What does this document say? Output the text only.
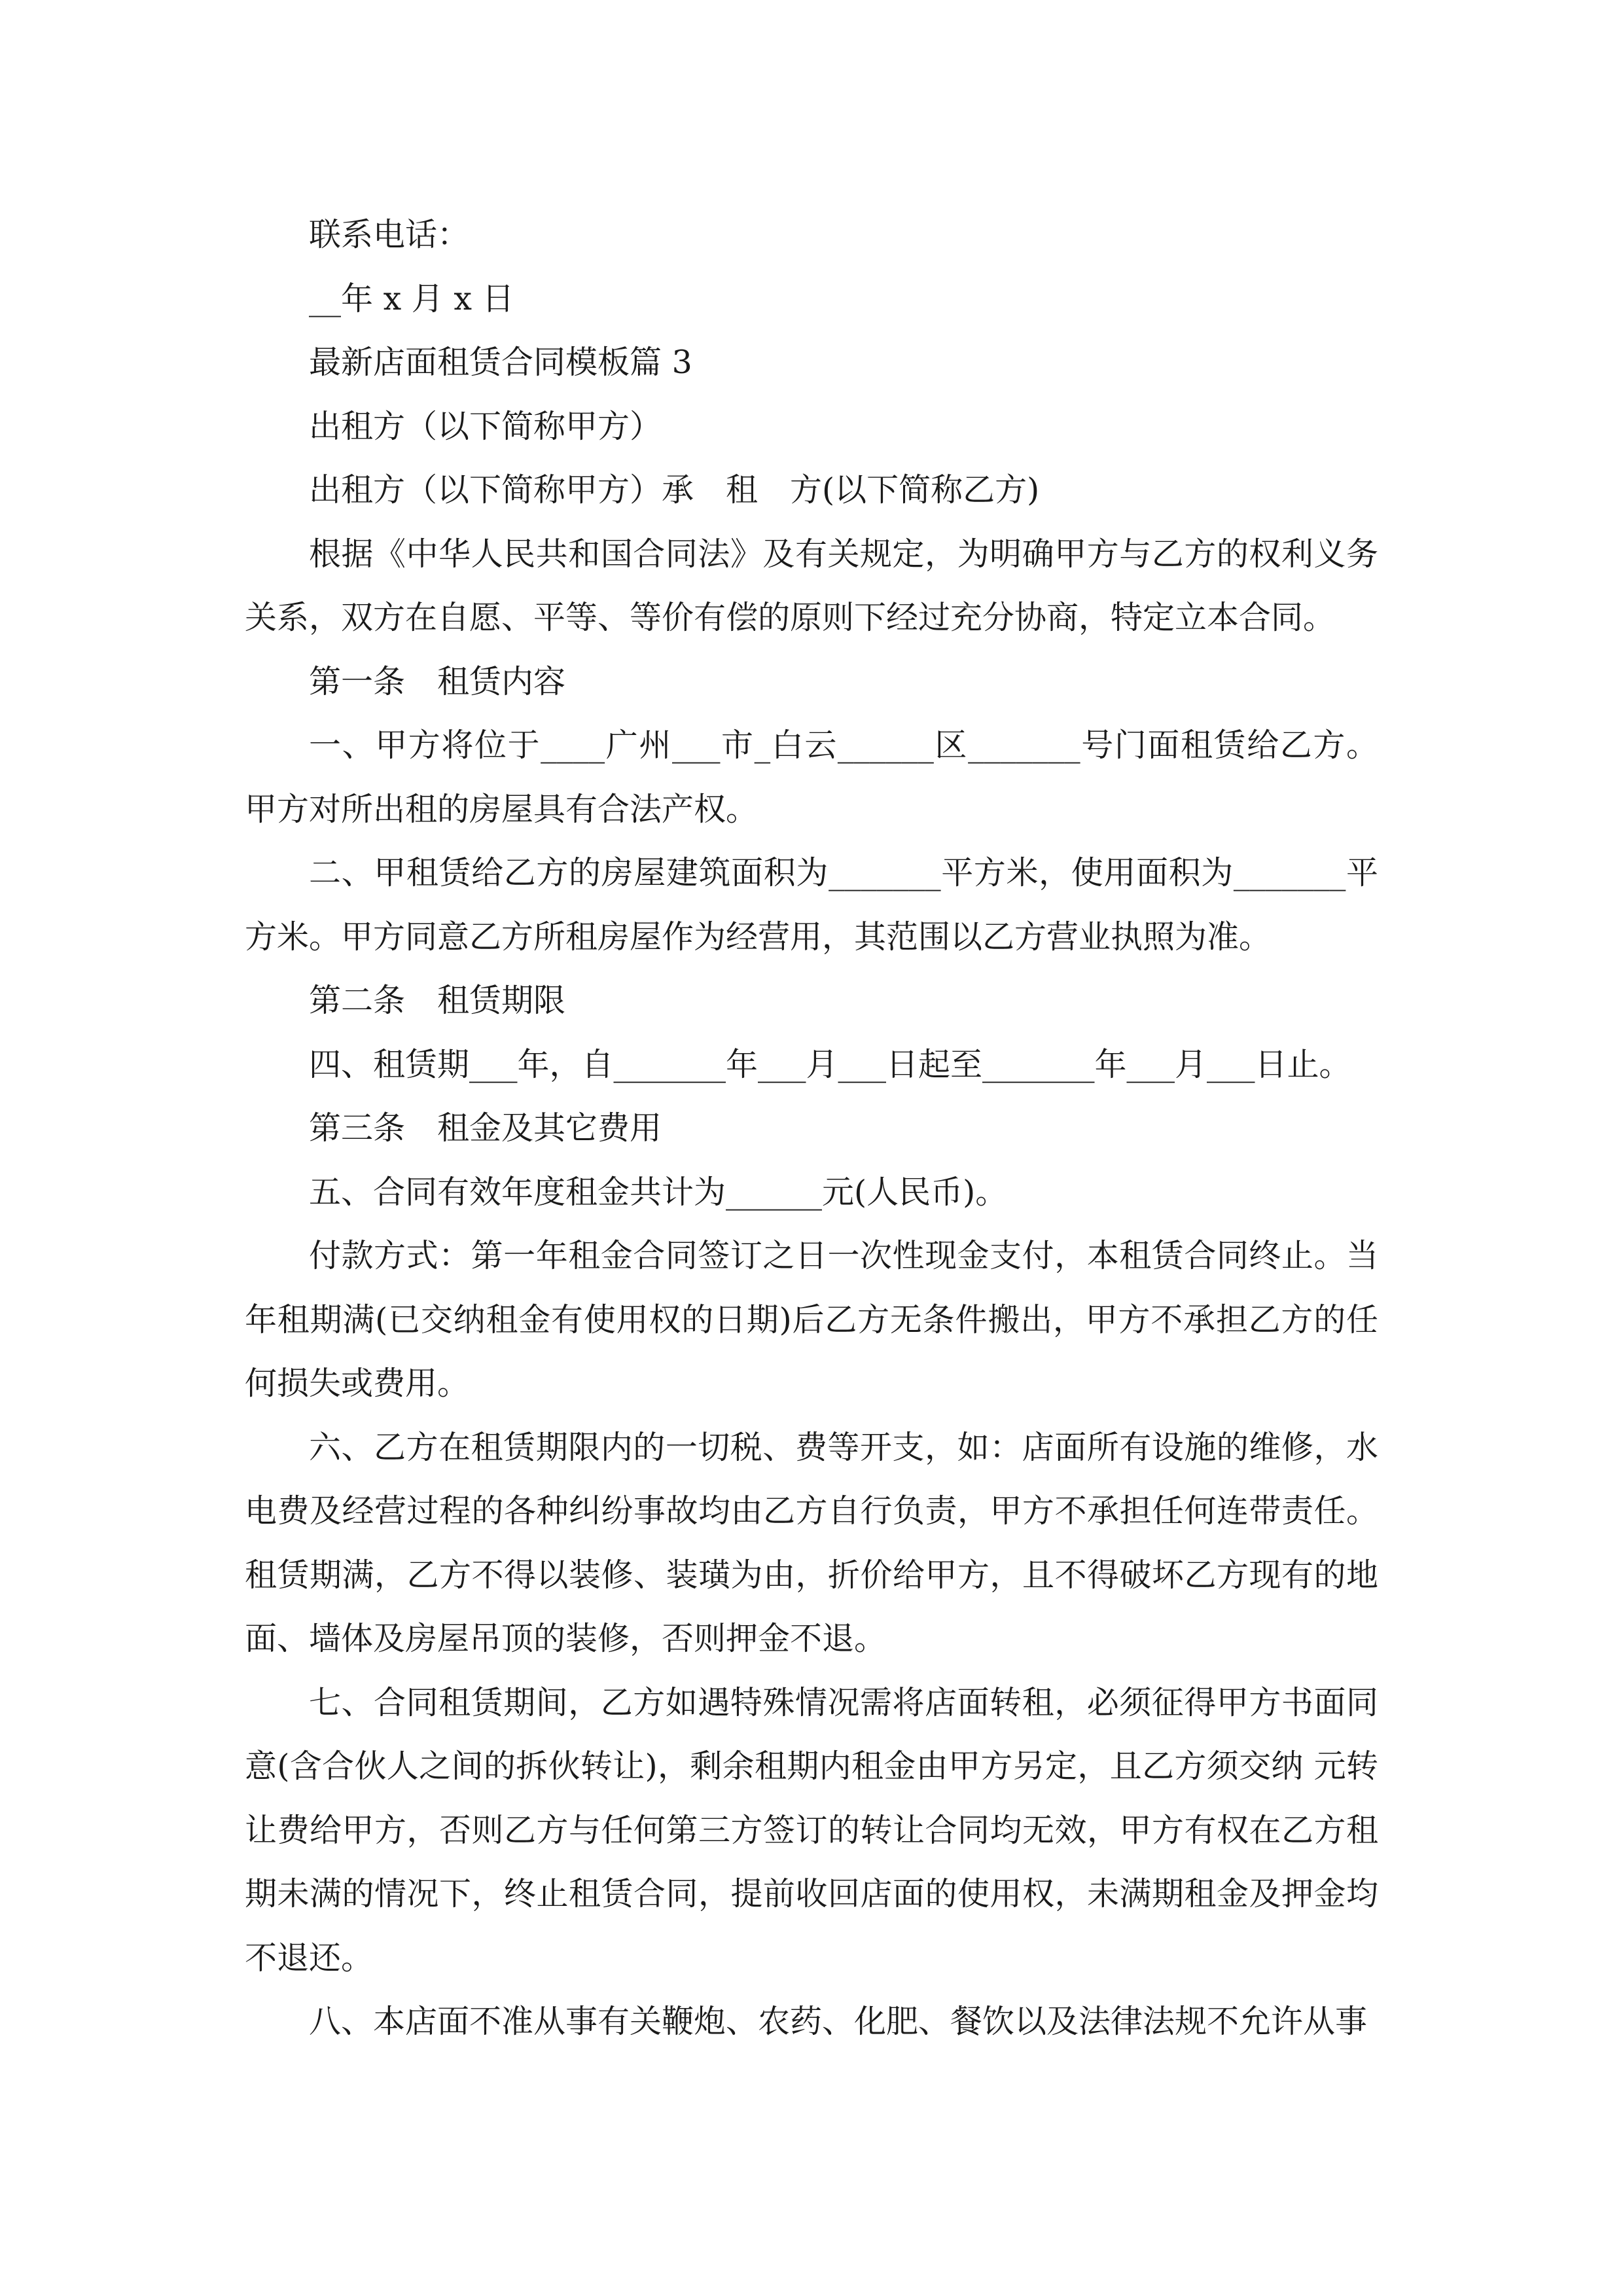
联系电话：

__年 x 月 x 日

最新店面租赁合同模板篇 3

出租方（以下简称甲方）

出租方（以下简称甲方）承　租　方(以下简称乙方)

根据《中华人民共和国合同法》及有关规定，为明确甲方与乙方的权利义务关系，双方在自愿、平等、等价有偿的原则下经过充分协商，特定立本合同。

第一条　租赁内容

一、甲方将位于____广州___市_白云______区_______号门面租赁给乙方。甲方对所出租的房屋具有合法产权。

二、甲租赁给乙方的房屋建筑面积为_______平方米，使用面积为_______平方米。甲方同意乙方所租房屋作为经营用，其范围以乙方营业执照为准。

第二条　租赁期限

四、租赁期___年，自_______年___月___日起至_______年___月___日止。

第三条　租金及其它费用

五、合同有效年度租金共计为______元(人民币)。

付款方式：第一年租金合同签订之日一次性现金支付，本租赁合同终止。当年租期满(已交纳租金有使用权的日期)后乙方无条件搬出，甲方不承担乙方的任何损失或费用。

六、乙方在租赁期限内的一切税、费等开支，如：店面所有设施的维修，水电费及经营过程的各种纠纷事故均由乙方自行负责，甲方不承担任何连带责任。租赁期满，乙方不得以装修、装璜为由，折价给甲方，且不得破坏乙方现有的地面、墙体及房屋吊顶的装修，否则押金不退。

七、合同租赁期间，乙方如遇特殊情况需将店面转租，必须征得甲方书面同意(含合伙人之间的拆伙转让)，剩余租期内租金由甲方另定，且乙方须交纳 元转让费给甲方，否则乙方与任何第三方签订的转让合同均无效，甲方有权在乙方租期未满的情况下，终止租赁合同，提前收回店面的使用权，未满期租金及押金均不退还。

八、本店面不准从事有关鞭炮、农药、化肥、餐饮以及法律法规不允许从事
